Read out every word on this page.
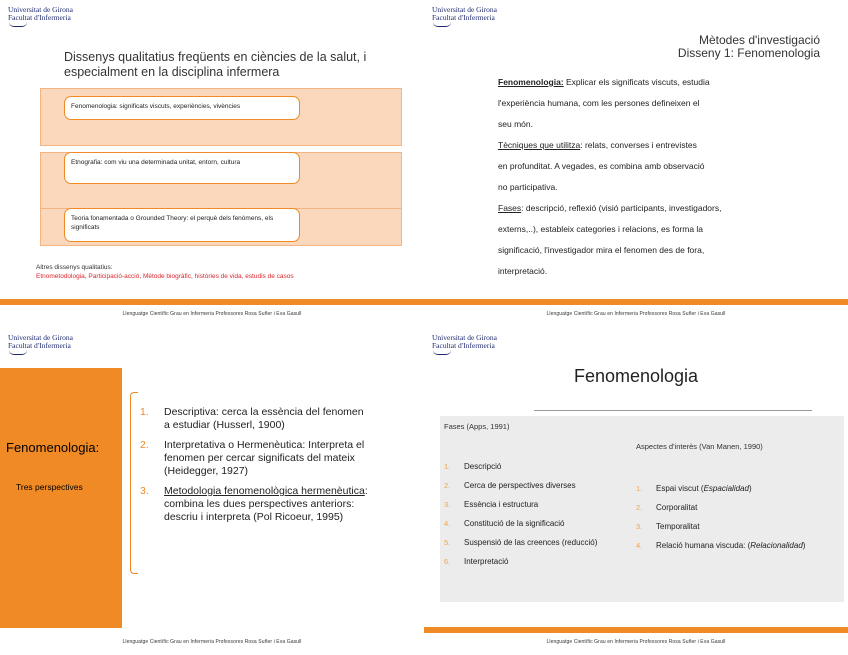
Universitat de Girona
Facultat d'Infermeria
Dissenys qualitatius freqüents en ciències de la salut, i especialment en la disciplina infermera
Fenomenologia: significats viscuts, experiències, vivències
Etnografia: com viu una determinada unitat, entorn, cultura
Teoria fonamentada o Grounded Theory: el perquè dels fenòmens, els significats
Altres dissenys qualitatius:
Etnometodologia, Participació-acció, Mètode biogràfic, històries de vida, estudis de casos
Llenguatge Científic Grau en Infermeria Professores Rosa Suñer i Eva Gasull
Universitat de Girona
Facultat d'Infermeria
Mètodes d'investigació
Disseny 1: Fenomenologia
Fenomenologia: Explicar els significats viscuts, estudia
l'experiència humana, com les persones defineixen el
seu món.
Tècniques que utilitza: relats, converses i entrevistes
en profunditat. A vegades, es combina amb observació
no participativa.
Fases: descripció, reflexió (visió participants, investigadors,
externs,..), estableix categories i relacions, es forma la
significació, l'investigador mira el fenomen des de fora,
interpretació.
Llenguatge Científic Grau en Infermeria Professores Rosa Suñer i Eva Gasull
Universitat de Girona
Facultat d'Infermeria
Fenomenologia:
Tres perspectives
1. Descriptiva: cerca la essència del fenomen a estudiar (Husserl, 1900)
2. Interpretativa o Hermenèutica: Interpreta el fenomen per cercar significats del mateix (Heidegger, 1927)
3. Metodologia fenomenològica hermenèutica: combina les dues perspectives anteriors: descriu i interpreta (Pol Ricoeur, 1995)
Llenguatge Científic Grau en Infermeria Professores Rosa Suñer i Eva Gasull
Universitat de Girona
Facultat d'Infermeria
Fenomenologia
Fases (Apps, 1991)
Aspectes d'interès (Van Manen, 1990)
1. Descripció
2. Cerca de perspectives diverses
3. Essència i estructura
4. Constitució de la significació
5. Suspensió de las creences (reducció)
6. Interpretació
1. Espai viscut (Espacialidad)
2. Corporalitat
3. Temporalitat
4. Relació humana viscuda: (Relacionalidad)
Llenguatge Científic Grau en Infermeria Professores Rosa Suñer i Eva Gasull
